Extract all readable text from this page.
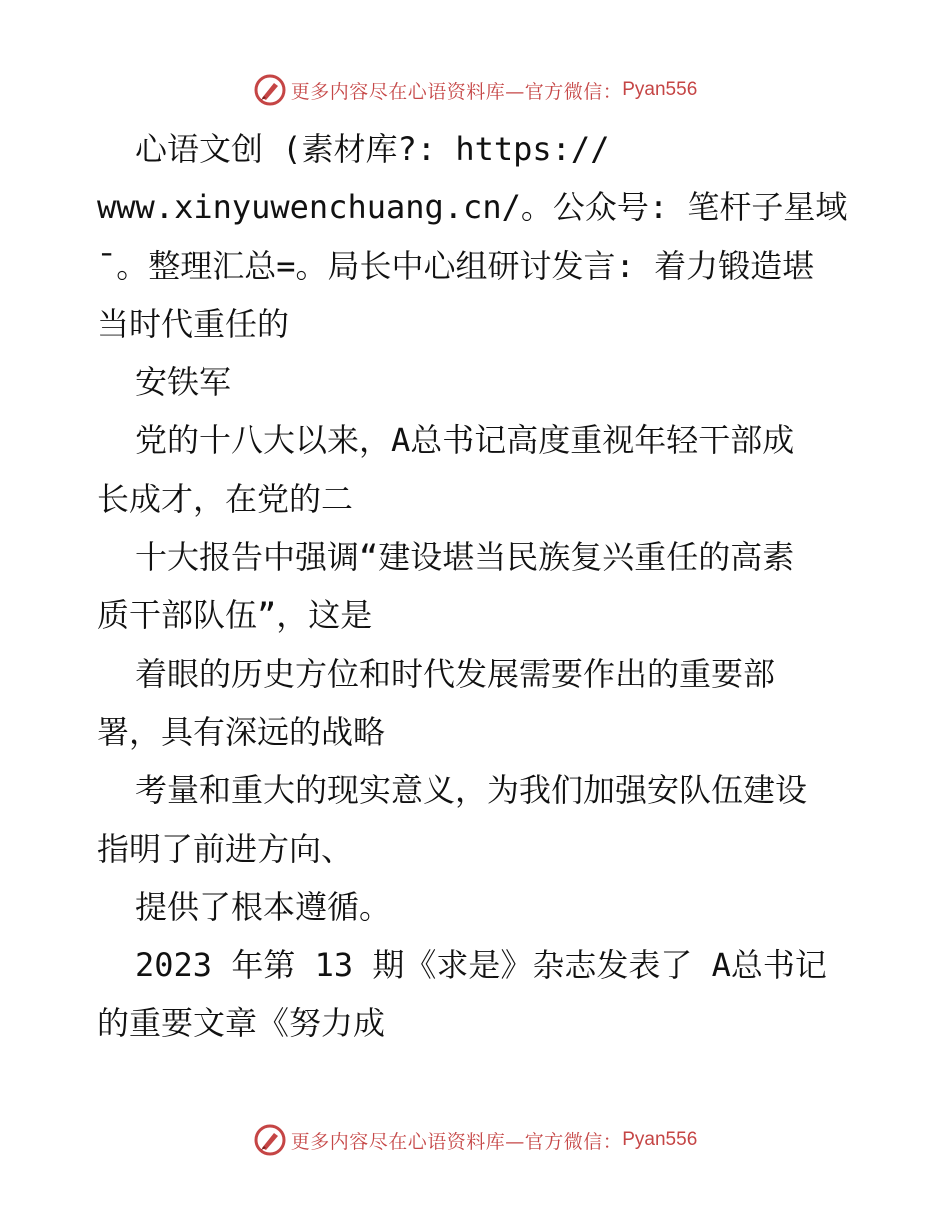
更多内容尽在心语资料库—官方微信： Pyan556
心语文创 (素材库?: https://
www.xinyuwenchuang.cn/。公众号: 笔杆子星域
¯。整理汇总=。局长中心组研讨发言: 着力锻造堪
当时代重任的
安铁军
党的十八大以来，A总书记高度重视年轻干部成
长成才，在党的二
十大报告中强调“建设堪当民族复兴重任的高素
质干部队伍”，这是
着眼的历史方位和时代发展需要作出的重要部
署，具有深远的战略
考量和重大的现实意义，为我们加强安队伍建设
指明了前进方向、
提供了根本遵循。
2023 年第 13 期《求是》杂志发表了 A总书记
的重要文章《努力成
更多内容尽在心语资料库—官方微信： Pyan556
